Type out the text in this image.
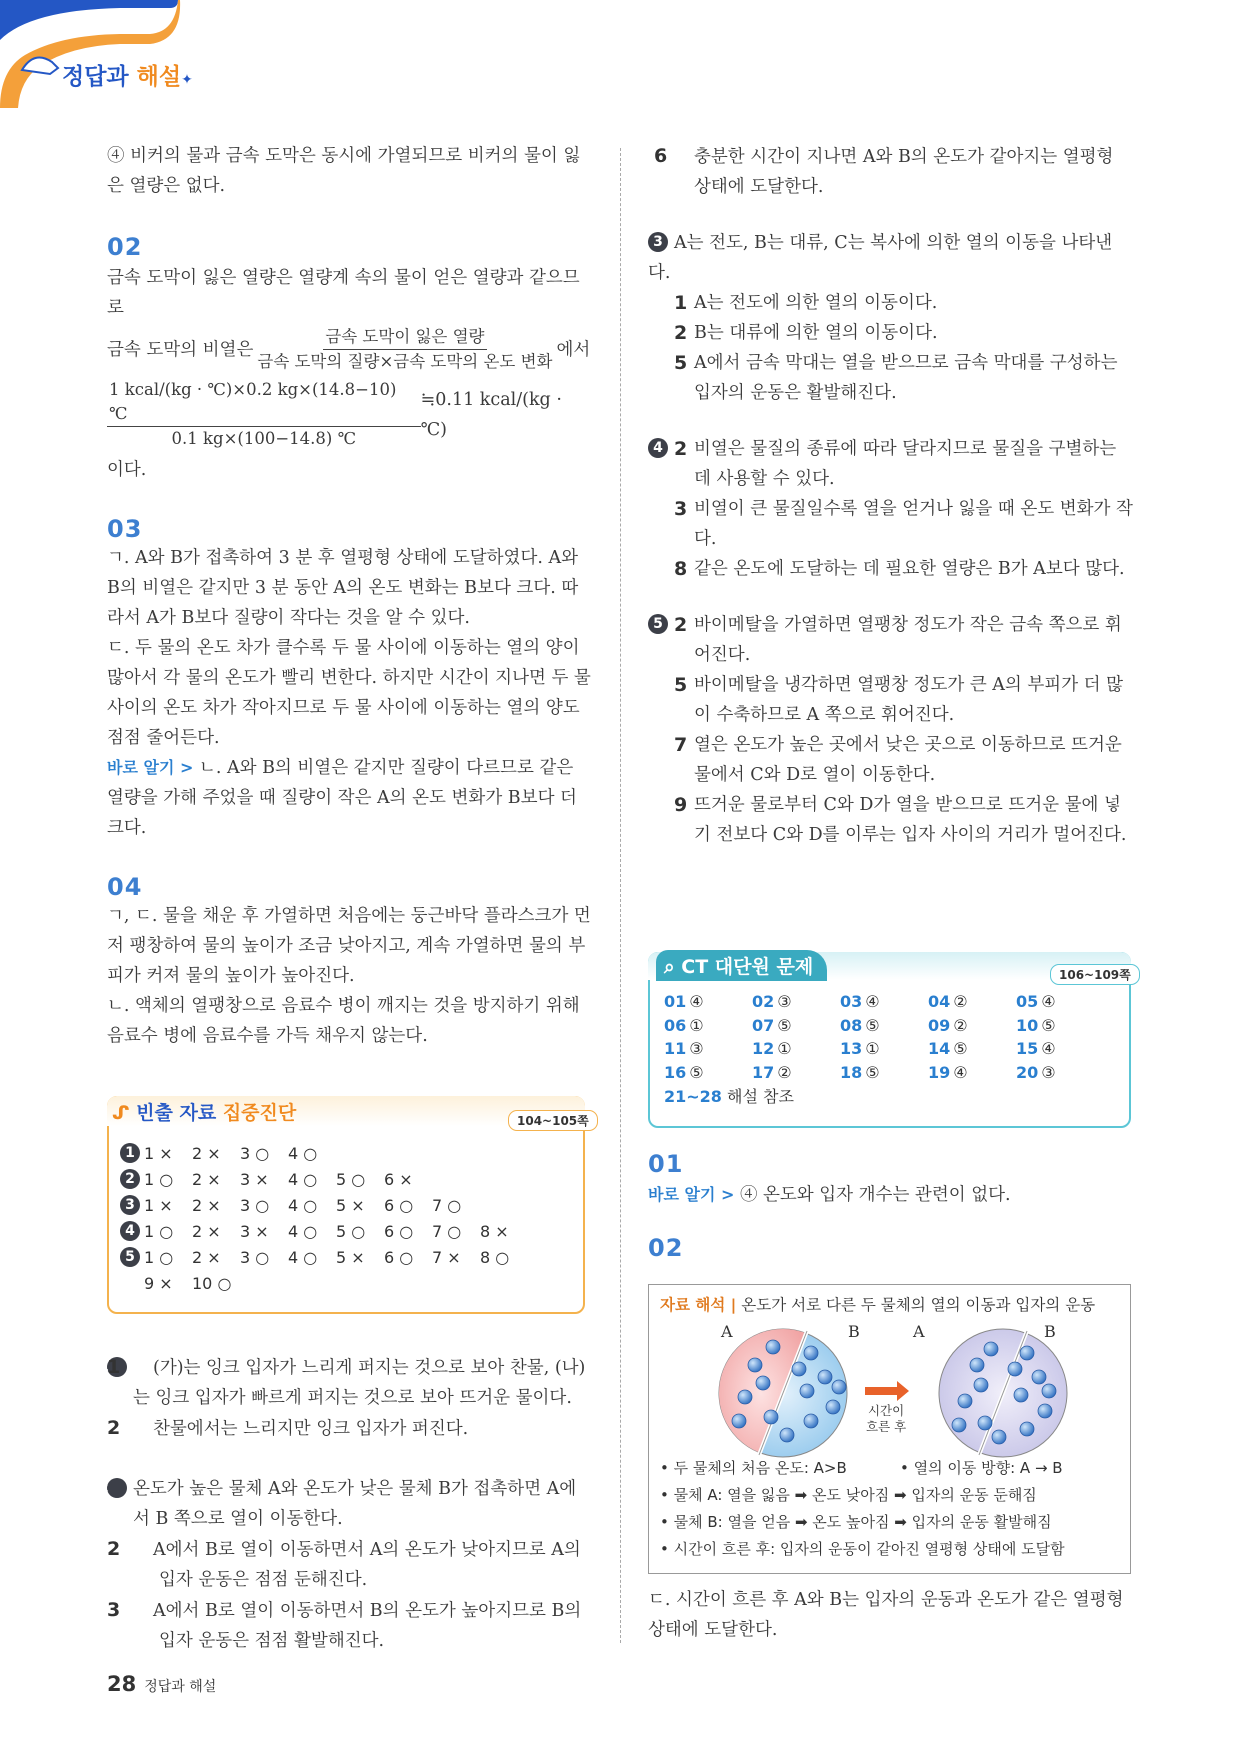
정답과 해설✦

④ 비커의 물과 금속 도막은 동시에 가열되므로 비커의 물이 잃은 열량은 없다.

02

금속 도막이 잃은 열량은 열량계 속의 물이 얻은 열량과 같으므로

금속 도막의 비열은
금속 도막이 잃은 열량
금속 도막의 질량×금속 도막의 온도 변화
에서
1 kcal/(kg · ℃)×0.2 kg×(14.8−10) ℃
0.1 kg×(100−14.8) ℃
≒0.11 kcal/(kg · ℃)

이다.

03

ㄱ. A와 B가 접촉하여 3 분 후 열평형 상태에 도달하였다. A와 B의 비열은 같지만 3 분 동안 A의 온도 변화는 B보다 크다. 따라서 A가 B보다 질량이 작다는 것을 알 수 있다.

ㄷ. 두 물의 온도 차가 클수록 두 물 사이에 이동하는 열의 양이 많아서 각 물의 온도가 빨리 변한다. 하지만 시간이 지나면 두 물 사이의 온도 차가 작아지므로 두 물 사이에 이동하는 열의 양도 점점 줄어든다.

바로 알기 > ㄴ. A와 B의 비열은 같지만 질량이 다르므로 같은 열량을 가해 주었을 때 질량이 작은 A의 온도 변화가 B보다 더 크다.

04

ㄱ, ㄷ. 물을 채운 후 가열하면 처음에는 둥근바닥 플라스크가 먼저 팽창하여 물의 높이가 조금 낮아지고, 계속 가열하면 물의 부피가 커져 물의 높이가 높아진다.

ㄴ. 액체의 열팽창으로 음료수 병이 깨지는 것을 방지하기 위해 음료수 병에 음료수를 가득 채우지 않는다.

ᔑ 빈출 자료 집중진단	104~105쪽
1 1 ×	2 ×	3 ○	4 ○
2 1 ○	2 ×	3 ×	4 ○	5 ○	6 ×
3 1 ×	2 ×	3 ○	4 ○	5 ×	6 ○	7 ○
4 1 ○	2 ×	3 ×	4 ○	5 ○	6 ○	7 ○	8 ×
5 1 ○	2 ×	3 ○	4 ○	5 ×	6 ○	7 ×	8 ○
9 ×	10 ○
11 (가)는 잉크 입자가 느리게 퍼지는 것으로 보아 찬물, (나)는 잉크 입자가 빠르게 퍼지는 것으로 보아 뜨거운 물이다.
2 찬물에서는 느리지만 잉크 입자가 퍼진다.
2 온도가 높은 물체 A와 온도가 낮은 물체 B가 접촉하면 A에서 B 쪽으로 열이 이동한다.
2 A에서 B로 열이 이동하면서 A의 온도가 낮아지므로 A의 입자 운동은 점점 둔해진다.
3 A에서 B로 열이 이동하면서 B의 온도가 높아지므로 B의 입자 운동은 점점 활발해진다.
6 충분한 시간이 지나면 A와 B의 온도가 같아지는 열평형 상태에 도달한다.
3 A는 전도, B는 대류, C는 복사에 의한 열의 이동을 나타낸다.
1 A는 전도에 의한 열의 이동이다.
2 B는 대류에 의한 열의 이동이다.
5 A에서 금속 막대는 열을 받으므로 금속 막대를 구성하는 입자의 운동은 활발해진다.
4 2 비열은 물질의 종류에 따라 달라지므로 물질을 구별하는 데 사용할 수 있다.
3 비열이 큰 물질일수록 열을 얻거나 잃을 때 온도 변화가 작다.
8 같은 온도에 도달하는 데 필요한 열량은 B가 A보다 많다.
5 2 바이메탈을 가열하면 열팽창 정도가 작은 금속 쪽으로 휘어진다.
5 바이메탈을 냉각하면 열팽창 정도가 큰 A의 부피가 더 많이 수축하므로 A 쪽으로 휘어진다.
7 열은 온도가 높은 곳에서 낮은 곳으로 이동하므로 뜨거운 물에서 C와 D로 열이 이동한다.
9 뜨거운 물로부터 C와 D가 열을 받으므로 뜨거운 물에 넣기 전보다 C와 D를 이루는 입자 사이의 거리가 멀어진다.
⌕ CT 대단원 문제	106~109쪽
01 ④	02 ③	03 ④	04 ②	05 ④
06 ①	07 ⑤	08 ⑤	09 ②	10 ⑤
11 ③	12 ①	13 ①	14 ⑤	15 ④
16 ⑤	17 ②	18 ⑤	19 ④	20 ③
21~28 해설 참조
01

바로 알기 > ④ 온도와 입자 개수는 관련이 없다.

02
자료 해석 | 온도가 서로 다른 두 물체의 열의 이동과 입자의 운동
A	B	A	B
시간이
흐른 후
• 두 물체의 처음 온도: A>B	• 열의 이동 방향: A → B
• 물체 A: 열을 잃음 ➡ 온도 낮아짐 ➡ 입자의 운동 둔해짐
• 물체 B: 열을 얻음 ➡ 온도 높아짐 ➡ 입자의 운동 활발해짐
• 시간이 흐른 후: 입자의 운동이 같아진 열평형 상태에 도달함

ㄷ. 시간이 흐른 후 A와 B는 입자의 운동과 온도가 같은 열평형 상태에 도달한다.

28 정답과 해설
